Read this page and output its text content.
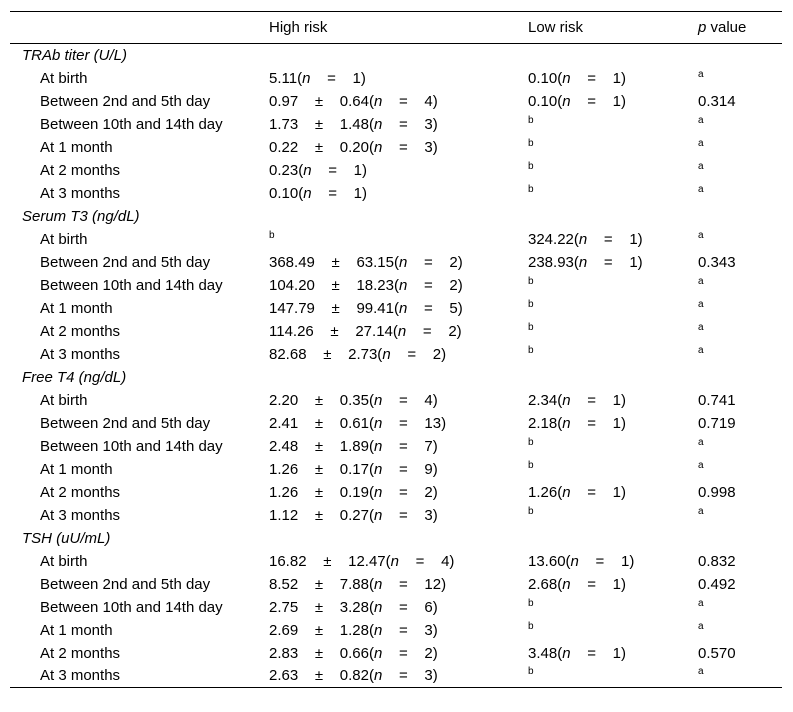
	High risk	Low risk	p value
TRAb titer (U/L)			
At birth	5.11(n    =    1)	0.10(n    =    1)	$^a$
Between 2nd and 5th day	0.97    ±    0.64(n    =    4)	0.10(n    =    1)	0.314
Between 10th and 14th day	1.73    ±    1.48(n    =    3)	$^b$	$^a$
At 1 month	0.22    ±    0.20(n    =    3)	$^b$	$^a$
At 2 months	0.23(n    =    1)	$^b$	$^a$
At 3 months	0.10(n    =    1)	$^b$	$^a$
Serum T3 (ng/dL)			
At birth	$^b$	324.22(n    =    1)	$^a$
Between 2nd and 5th day	368.49    ±    63.15(n    =    2)	238.93(n    =    1)	0.343
Between 10th and 14th day	104.20    ±    18.23(n    =    2)	$^b$	$^a$
At 1 month	147.79    ±    99.41(n    =    5)	$^b$	$^a$
At 2 months	114.26    ±    27.14(n    =    2)	$^b$	$^a$
At 3 months	82.68    ±    2.73(n    =    2)	$^b$	$^a$
Free T4 (ng/dL)			
At birth	2.20    ±    0.35(n    =    4)	2.34(n    =    1)	0.741
Between 2nd and 5th day	2.41    ±    0.61(n    =    13)	2.18(n    =    1)	0.719
Between 10th and 14th day	2.48    ±    1.89(n    =    7)	$^b$	$^a$
At 1 month	1.26    ±    0.17(n    =    9)	$^b$	$^a$
At 2 months	1.26    ±    0.19(n    =    2)	1.26(n    =    1)	0.998
At 3 months	1.12    ±    0.27(n    =    3)	$^b$	$^a$
TSH (uU/mL)			
At birth	16.82    ±    12.47(n    =    4)	13.60(n    =    1)	0.832
Between 2nd and 5th day	8.52    ±    7.88(n    =    12)	2.68(n    =    1)	0.492
Between 10th and 14th day	2.75    ±    3.28(n    =    6)	$^b$	$^a$
At 1 month	2.69    ±    1.28(n    =    3)	$^b$	$^a$
At 2 months	2.83    ±    0.66(n    =    2)	3.48(n    =    1)	0.570
At 3 months	2.63    ±    0.82(n    =    3)	$^b$	$^a$
